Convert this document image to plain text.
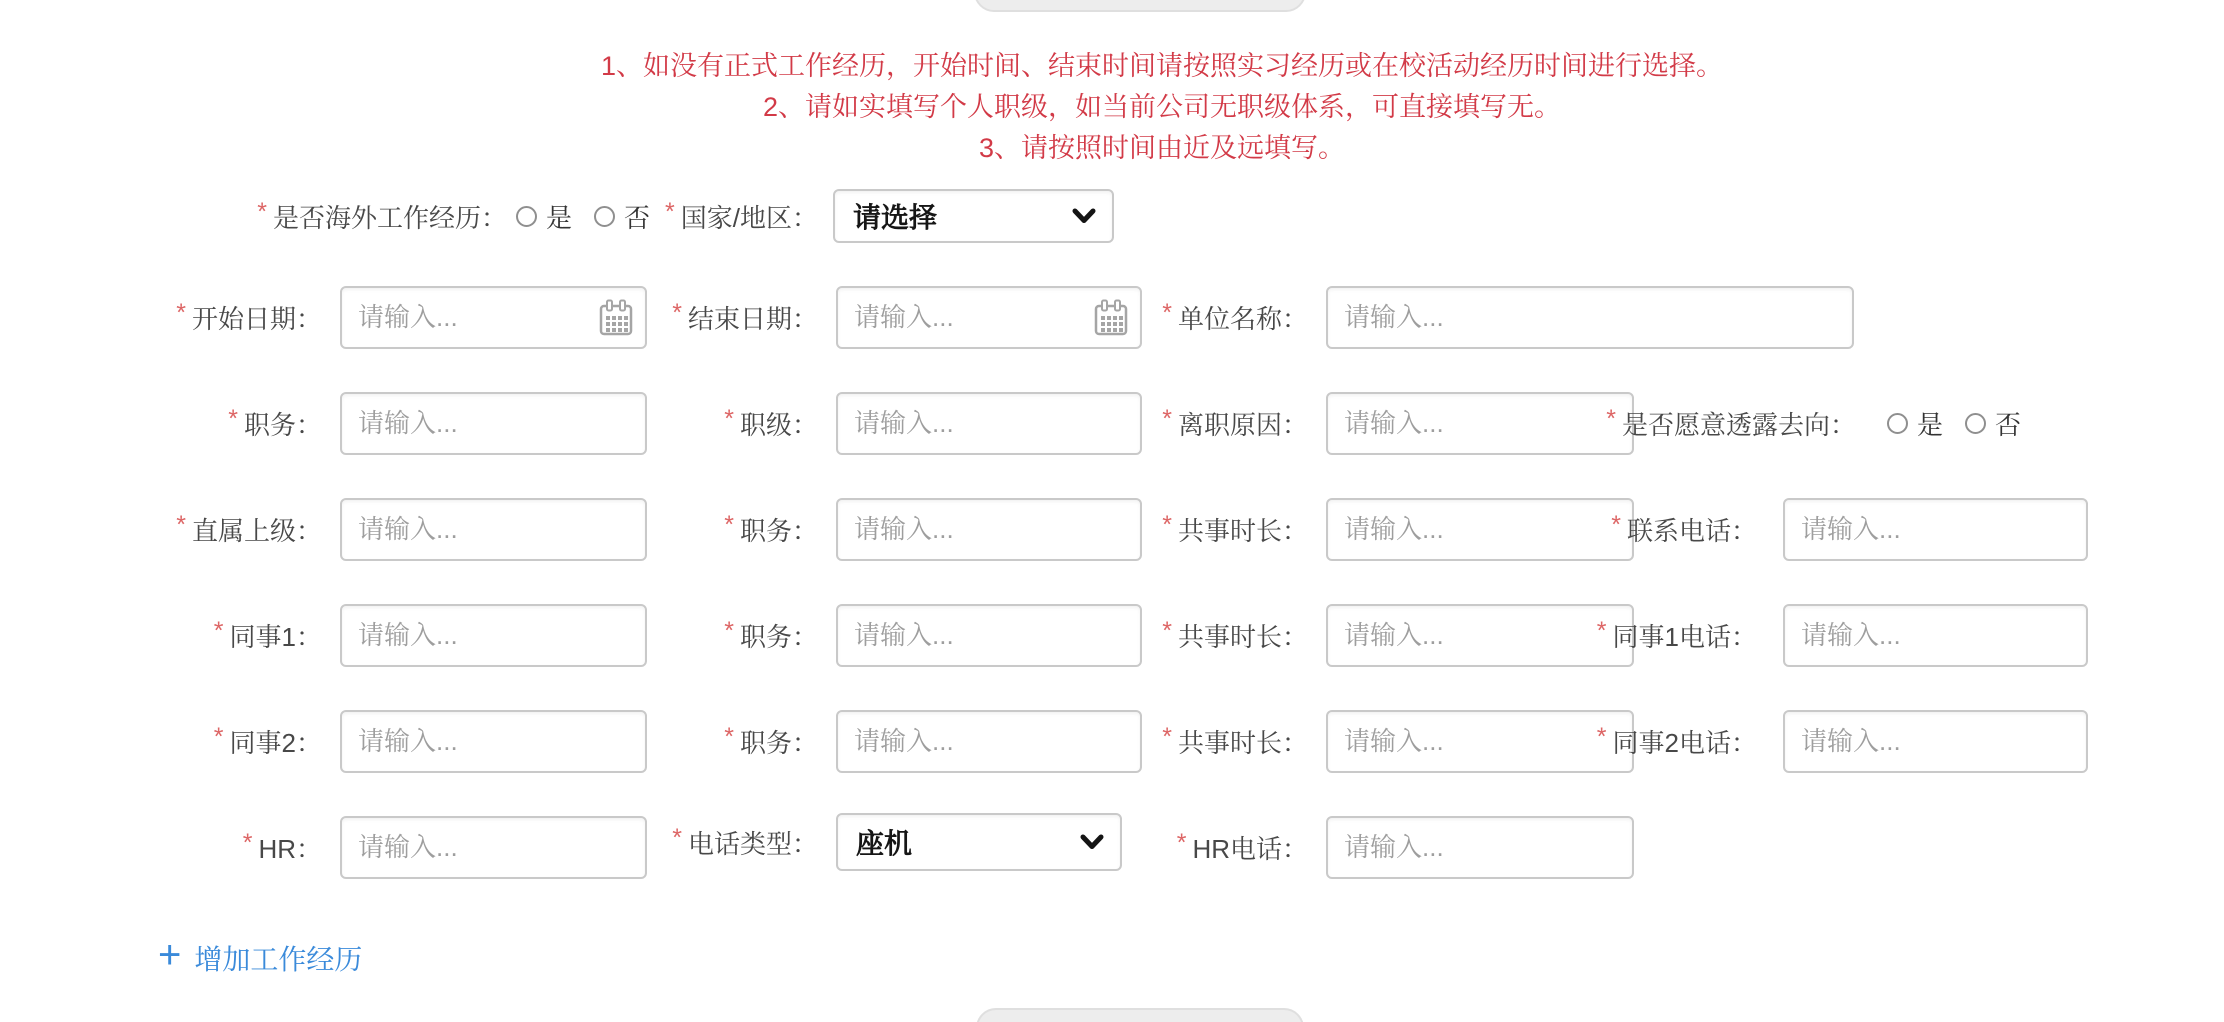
1、如没有正式工作经历，开始时间、结束时间请按照实习经历或在校活动经历时间进行选择。
2、请如实填写个人职级，如当前公司无职级体系，可直接填写无。
3、请按照时间由近及远填写。
* 是否海外工作经历： 是 否 * 国家/地区： 请选择
* 开始日期：
请输入...	* 结束日期：
请输入...	* 单位名称：
请输入...
* 职务：
请输入...	* 职级：
请输入...	* 离职原因：
请输入...	* 是否愿意透露去向： 是 否
* 直属上级：
请输入...	* 职务：
请输入...	* 共事时长：
请输入...	* 联系电话：
请输入...
* 同事1：
请输入...	* 职务：
请输入...	* 共事时长：
请输入...	* 同事1电话：
请输入...
* 同事2：
请输入...	* 职务：
请输入...	* 共事时长：
请输入...	* 同事2电话：
请输入...
* HR：
请输入...	* 电话类型： 座机	* HR电话：
请输入...
+ 增加工作经历
